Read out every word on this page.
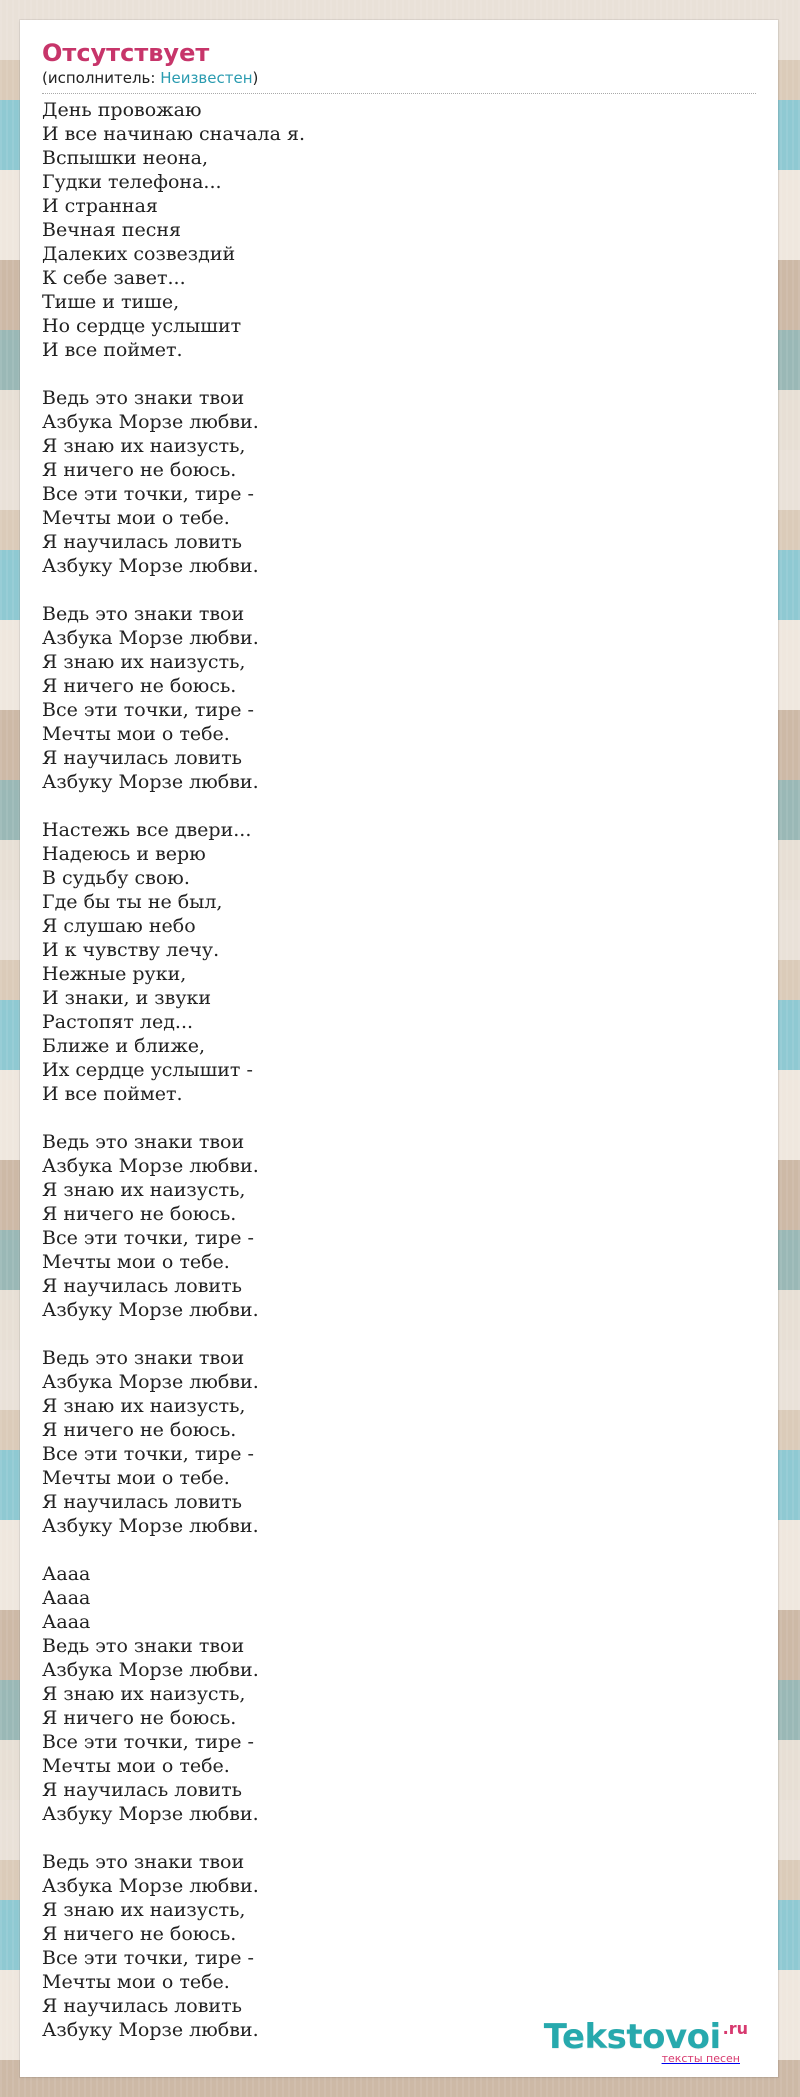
Отсутствует
(исполнитель: Неизвестен)
День провожаю
И все начинаю сначала я.
Вспышки неона,
Гудки телефона...
И странная
Вечная песня
Далеких созвездий
К себе завет...
Тише и тише,
Но сердце услышит
И все поймет.
Ведь это знаки твои
Азбука Морзе любви.
Я знаю их наизусть,
Я ничего не боюсь.
Все эти точки, тире -
Мечты мои о тебе.
Я научилась ловить
Азбуку Морзе любви.
Ведь это знаки твои
Азбука Морзе любви.
Я знаю их наизусть,
Я ничего не боюсь.
Все эти точки, тире -
Мечты мои о тебе.
Я научилась ловить
Азбуку Морзе любви.
Настежь все двери...
Надеюсь и верю
В судьбу свою.
Где бы ты не был,
Я слушаю небо
И к чувству лечу.
Нежные руки,
И знаки, и звуки
Растопят лед...
Ближе и ближе,
Их сердце услышит -
И все поймет.
Ведь это знаки твои
Азбука Морзе любви.
Я знаю их наизусть,
Я ничего не боюсь.
Все эти точки, тире -
Мечты мои о тебе.
Я научилась ловить
Азбуку Морзе любви.
Ведь это знаки твои
Азбука Морзе любви.
Я знаю их наизусть,
Я ничего не боюсь.
Все эти точки, тире -
Мечты мои о тебе.
Я научилась ловить
Азбуку Морзе любви.
Аааа
Аааа
Аааа
Ведь это знаки твои
Азбука Морзе любви.
Я знаю их наизусть,
Я ничего не боюсь.
Все эти точки, тире -
Мечты мои о тебе.
Я научилась ловить
Азбуку Морзе любви.
Ведь это знаки твои
Азбука Морзе любви.
Я знаю их наизусть,
Я ничего не боюсь.
Все эти точки, тире -
Мечты мои о тебе.
Я научилась ловить
Азбуку Морзе любви.	Tekstovoi .ru
тексты песен
